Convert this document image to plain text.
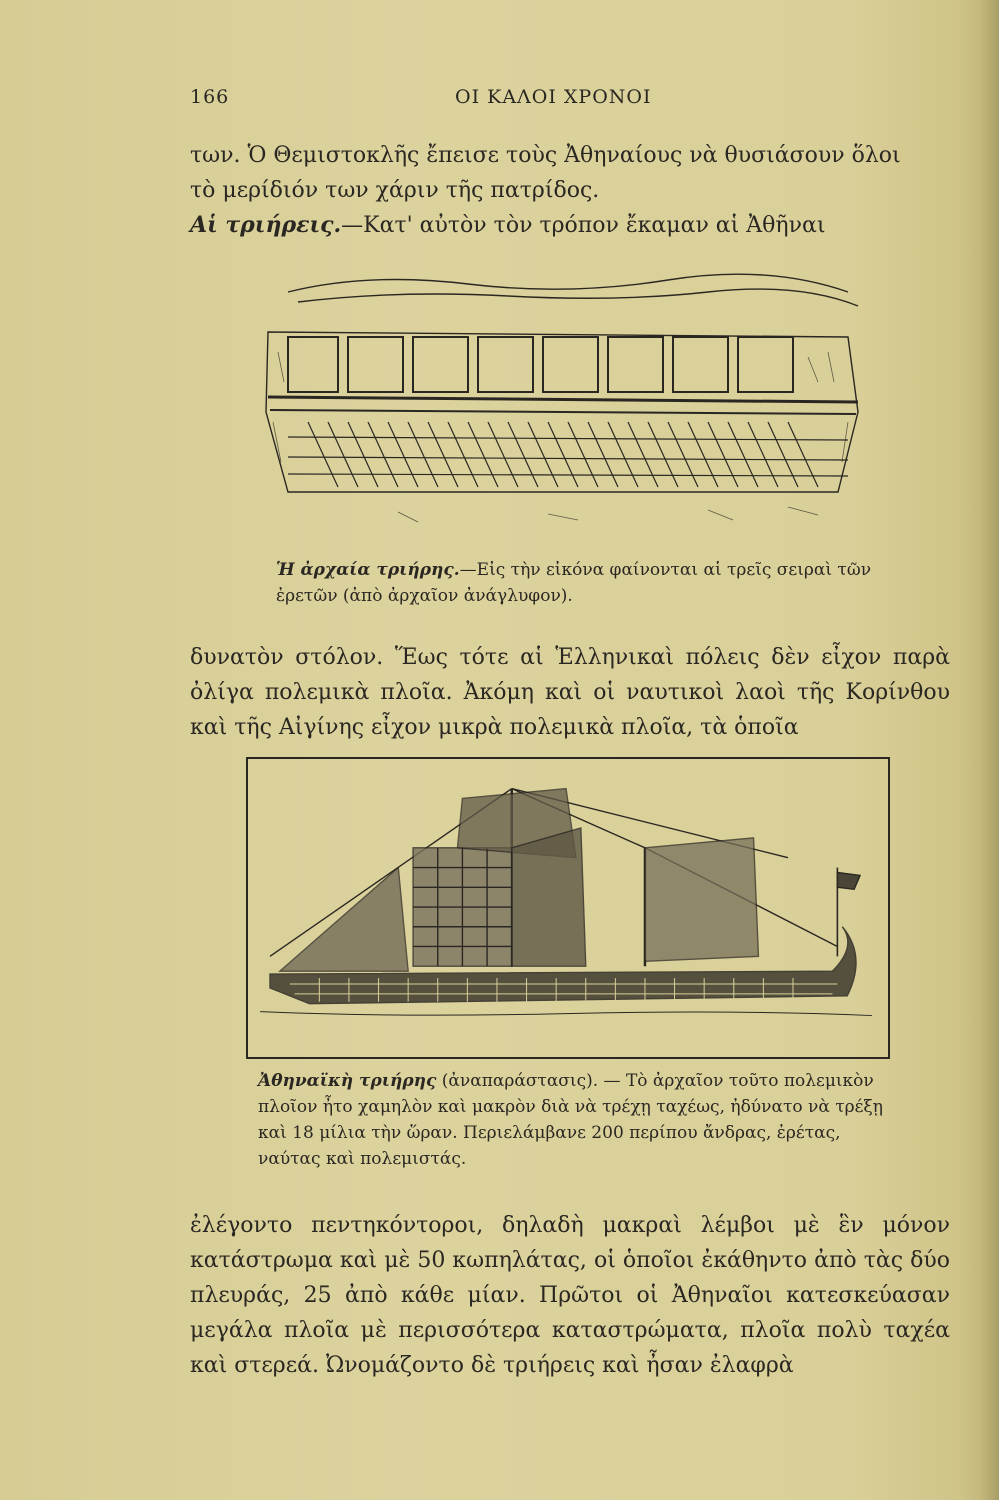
166	ΟΙ ΚΑΛΟΙ ΧΡΟΝΟΙ

των. Ὁ Θεμιστοκλῆς ἔπεισε τοὺς Ἀθηναίους νὰ θυσιάσουν ὅλοι

τὸ μερίδιόν των χάριν τῆς πατρίδος.

Αἱ τριήρεις.—Κατ' αὐτὸν τὸν τρόπον ἔκαμαν αἱ Ἀθῆναι

Ἡ ἀρχαία τριήρης.—Εἰς τὴν εἰκόνα φαίνονται αἱ τρεῖς σειραὶ τῶν ἐρετῶν (ἀπὸ ἀρχαῖον ἀνάγλυφον).

δυνατὸν στόλον. Ἕως τότε αἱ Ἑλληνικαὶ πόλεις δὲν εἶχον παρὰ ὀλίγα πολεμικὰ πλοῖα. Ἀκόμη καὶ οἱ ναυτικοὶ λαοὶ τῆς Κορίνθου καὶ τῆς Αἰγίνης εἶχον μικρὰ πολεμικὰ πλοῖα, τὰ ὁποῖα

Ἀθηναϊκὴ τριήρης (ἀναπαράστασις). — Τὸ ἀρχαῖον τοῦτο πολεμικὸν πλοῖον ἦτο χαμηλὸν καὶ μακρὸν διὰ νὰ τρέχῃ ταχέως, ἠδύνατο νὰ τρέξῃ καὶ 18 μίλια τὴν ὥραν. Περιελάμβανε 200 περίπου ἄνδρας, ἐρέτας, ναύτας καὶ πολεμιστάς.

ἐλέγοντο πεντηκόντοροι, δηλαδὴ μακραὶ λέμβοι μὲ ἓν μόνον κατάστρωμα καὶ μὲ 50 κωπηλάτας, οἱ ὁποῖοι ἐκάθηντο ἀπὸ τὰς δύο πλευράς, 25 ἀπὸ κάθε μίαν. Πρῶτοι οἱ Ἀθηναῖοι κατεσκεύασαν μεγάλα πλοῖα μὲ περισσότερα καταστρώματα, πλοῖα πολὺ ταχέα καὶ στερεά. Ὠνομάζοντο δὲ τριήρεις καὶ ἦσαν ἐλαφρὰ
